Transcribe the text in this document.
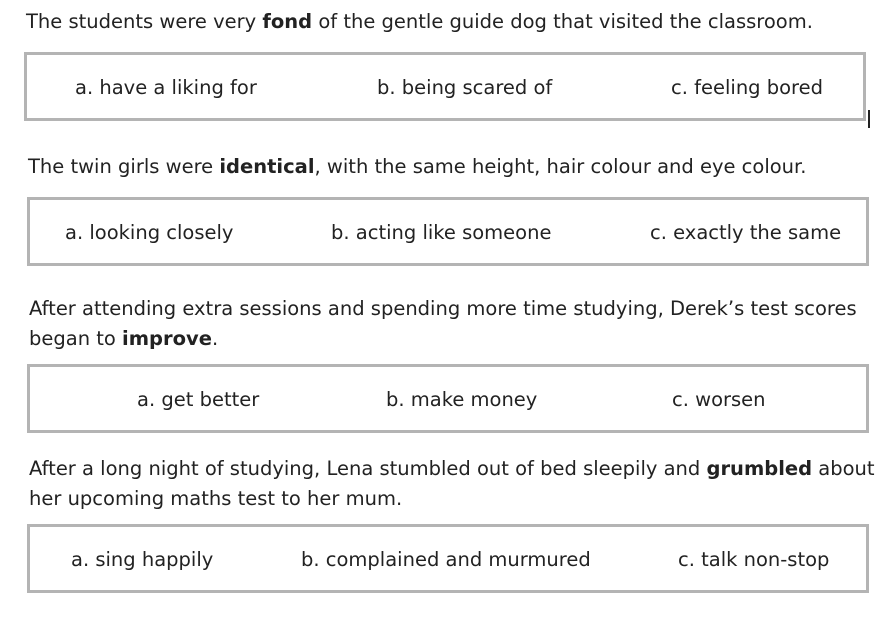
The students were very fond of the gentle guide dog that visited the classroom.

a. have a liking for	b. being scared of	c. feeling bored

The twin girls were identical, with the same height, hair colour and eye colour.

a. looking closely	b. acting like someone	c. exactly the same

After attending extra sessions and spending more time studying, Derek’s test scores

began to improve.

a. get better	b. make money	c. worsen

After a long night of studying, Lena stumbled out of bed sleepily and grumbled about

her upcoming maths test to her mum.

a. sing happily	b. complained and murmured	c. talk non-stop
